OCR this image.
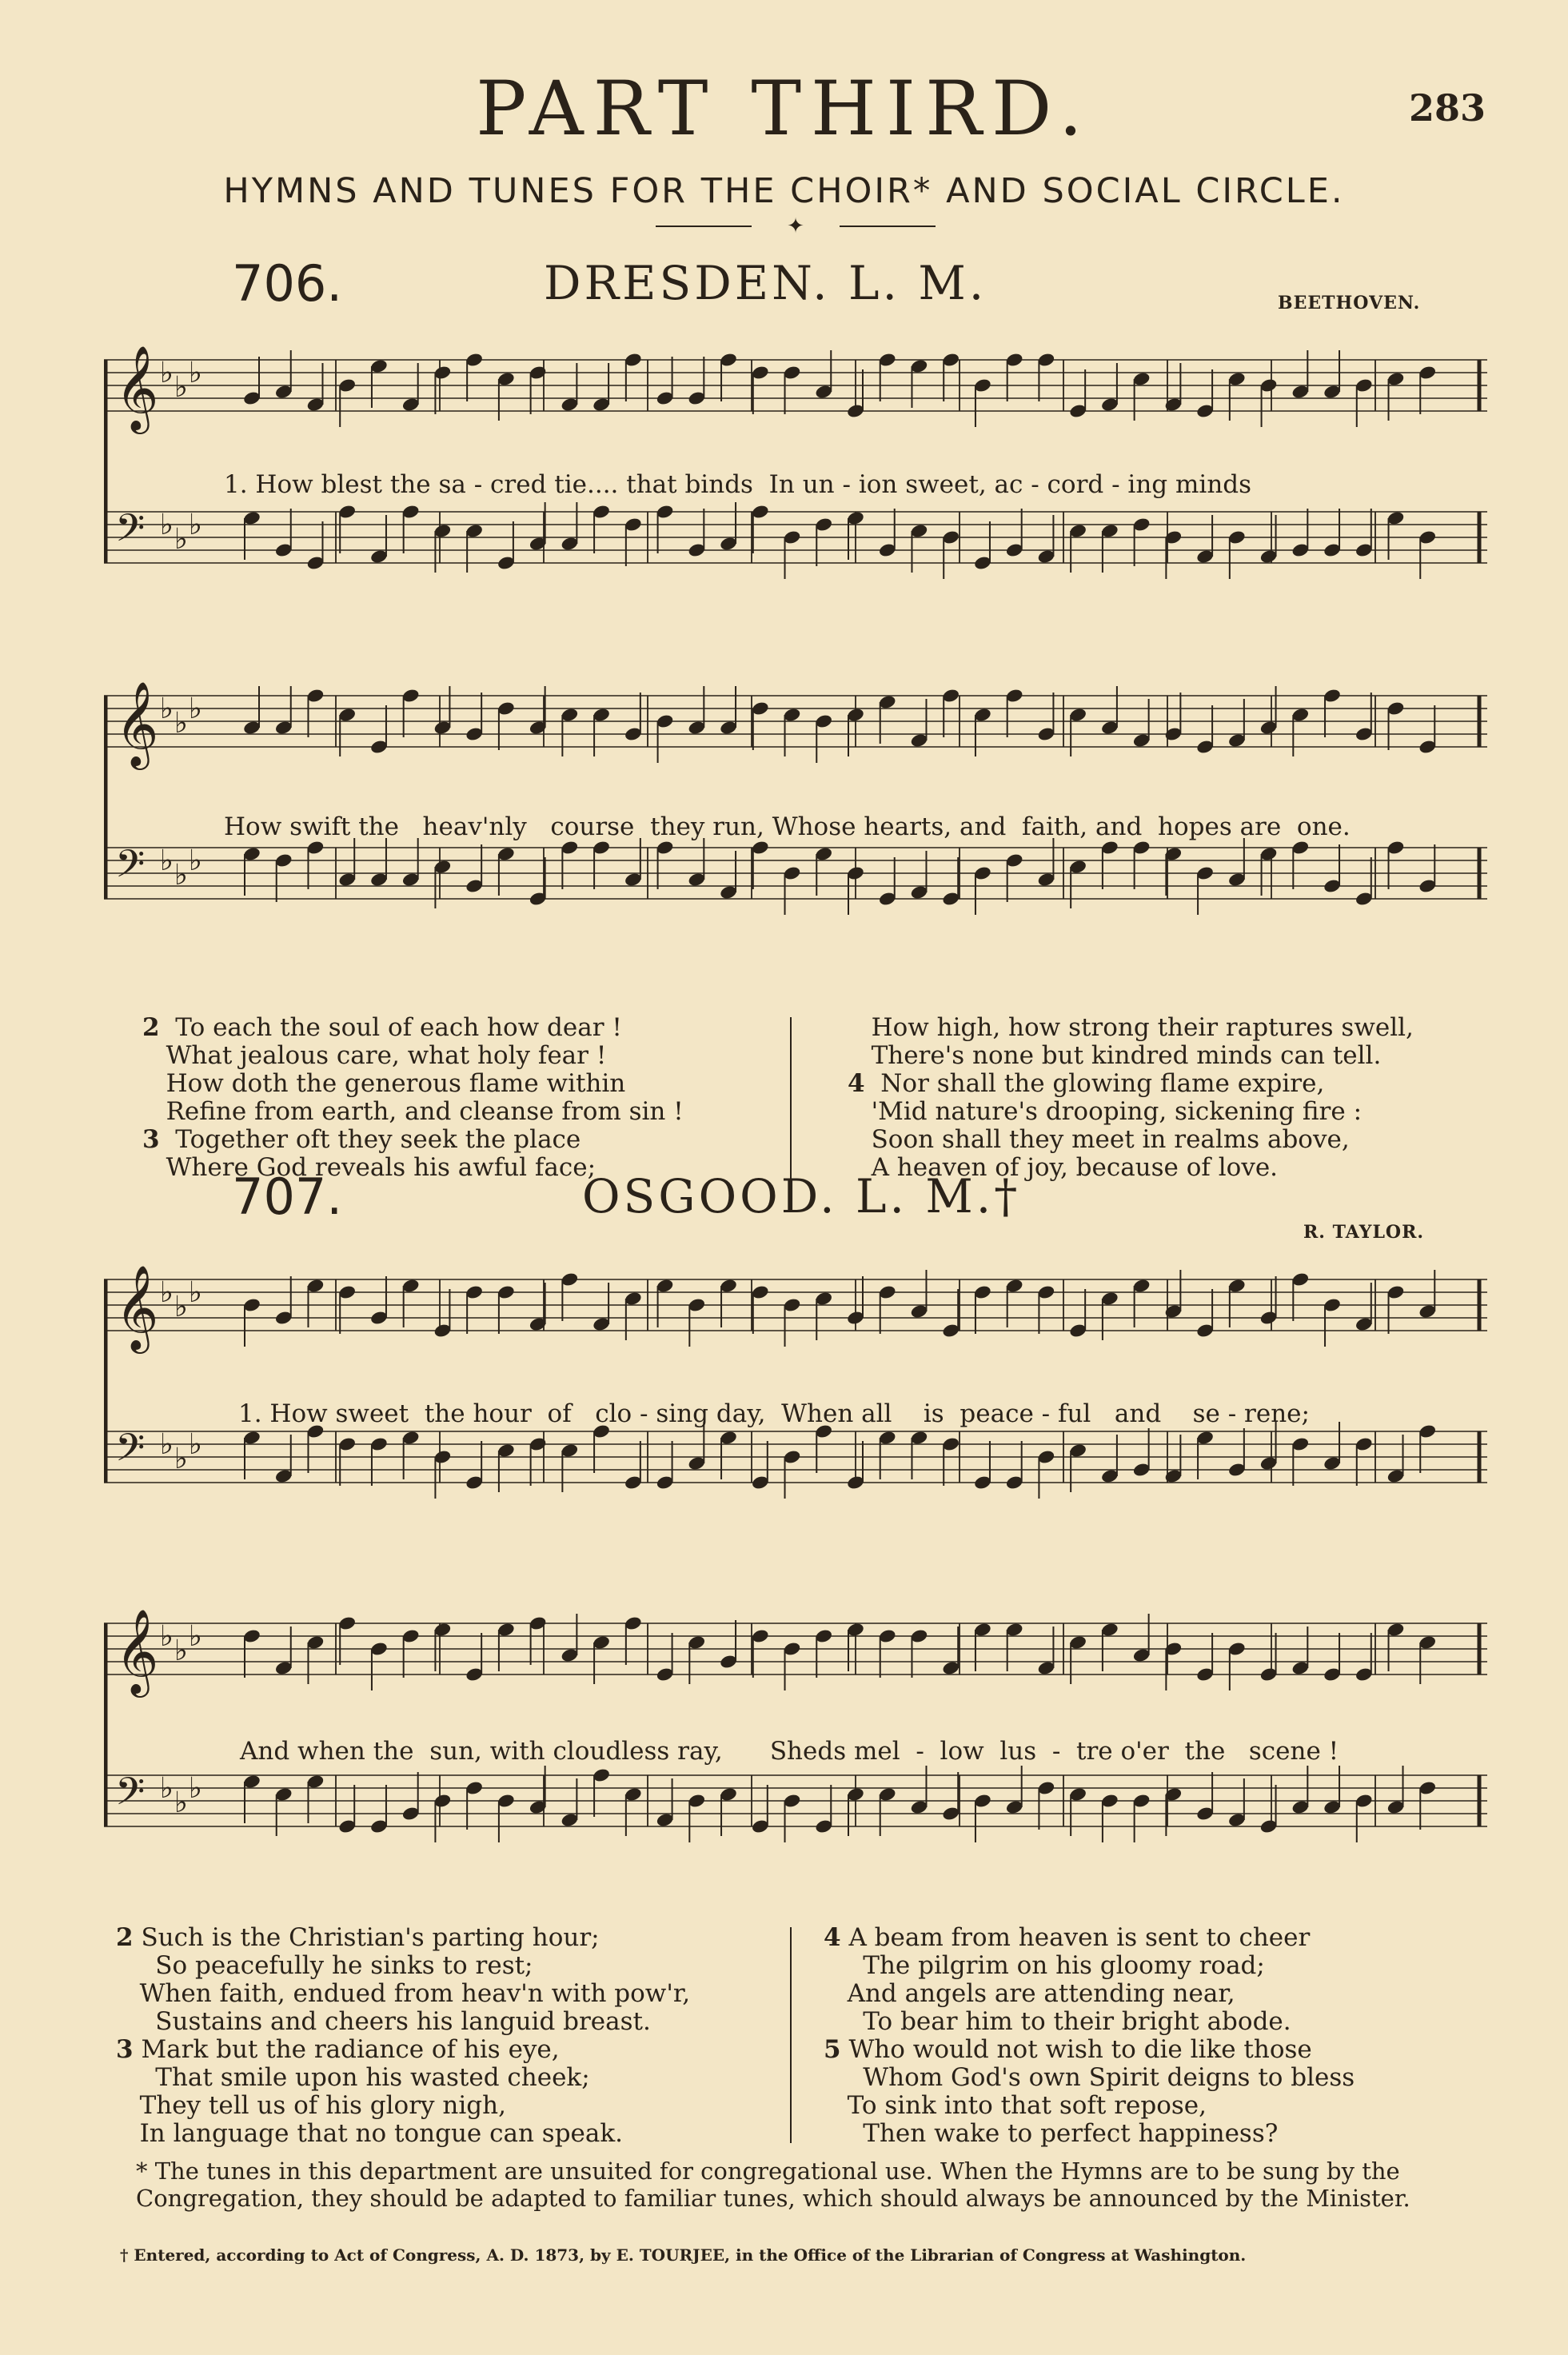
PART THIRD.	283
HYMNS AND TUNES FOR THE CHOIR* AND SOCIAL CIRCLE.
✦
706.	DRESDEN. L. M.	BEETHOVEN.
𝄞 ♭ ♭ ♭
𝄢 ♭ ♭ ♭
1. How blest the sa - cred tie.... that binds  In un - ion sweet, ac - cord - ing minds
𝄞 ♭ ♭ ♭
𝄢 ♭ ♭ ♭
How swift the   heav'nly   course  they run, Whose hearts, and  faith, and  hopes are  one.
2 To each the soul of each how dear !
What jealous care, what holy fear !
How doth the generous flame within
Refine from earth, and cleanse from sin !
3 Together oft they seek the place
Where God reveals his awful face;
How high, how strong their raptures swell,
There's none but kindred minds can tell.
4 Nor shall the glowing flame expire,
'Mid nature's drooping, sickening fire :
Soon shall they meet in realms above,
A heaven of joy, because of love.
707.	OSGOOD. L. M.†
R. TAYLOR.
𝄞 ♭ ♭ ♭
𝄢 ♭ ♭ ♭
1. How sweet  the hour  of   clo - sing day,  When all    is  peace - ful   and    se - rene;
𝄞 ♭ ♭ ♭
𝄢 ♭ ♭ ♭
And when the  sun, with cloudless ray,      Sheds mel  -  low  lus  -  tre o'er  the   scene !
2 Such is the Christian's parting hour;
So peacefully he sinks to rest;
When faith, endued from heav'n with pow'r,
Sustains and cheers his languid breast.
3 Mark but the radiance of his eye,
That smile upon his wasted cheek;
They tell us of his glory nigh,
In language that no tongue can speak.
4 A beam from heaven is sent to cheer
The pilgrim on his gloomy road;
And angels are attending near,
To bear him to their bright abode.
5 Who would not wish to die like those
Whom God's own Spirit deigns to bless
To sink into that soft repose,
Then wake to perfect happiness?
* The tunes in this department are unsuited for congregational use. When the Hymns are to be sung by the Congregation, they should be adapted to familiar tunes, which should always be announced by the Minister.
† Entered, according to Act of Congress, A. D. 1873, by E. TOURJEE, in the Office of the Librarian of Congress at Washington.
